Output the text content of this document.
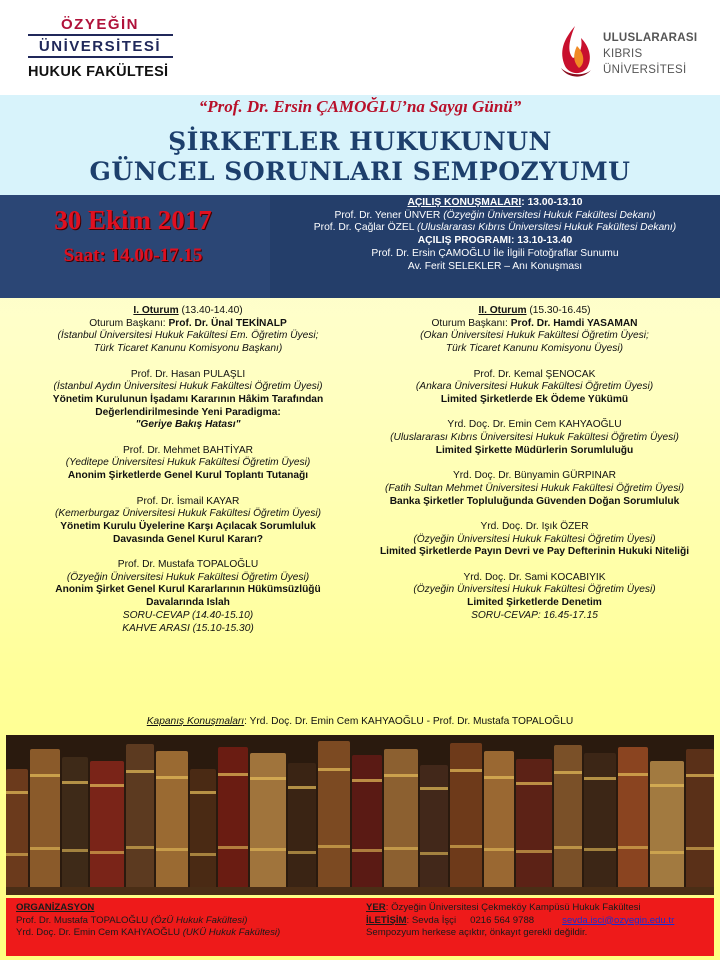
ÖZYEĞİN
ÜNİVERSİTESİ
HUKUK FAKÜLTESİ
ULUSLARARASI
KIBRIS
ÜNİVERSİTESİ
“Prof. Dr. Ersin ÇAMOĞLU’na Saygı Günü”
ŞİRKETLER HUKUKUNUN
GÜNCEL SORUNLARI SEMPOZYUMU
30 Ekim 2017
Saat: 14.00-17.15
AÇILIŞ KONUŞMALARI: 13.00-13.10
Prof. Dr. Yener ÜNVER (Özyeğin Üniversitesi Hukuk Fakültesi Dekanı)
Prof. Dr. Çağlar ÖZEL (Uluslararası Kıbrıs Üniversitesi Hukuk Fakültesi Dekanı)
AÇILIŞ PROGRAMI: 13.10-13.40
Prof. Dr. Ersin ÇAMOĞLU İle İlgili Fotoğraflar Sunumu
Av. Ferit SELEKLER – Anı Konuşması
I. Oturum (13.40-14.40)
Oturum Başkanı: Prof. Dr. Ünal TEKİNALP
(İstanbul Üniversitesi Hukuk Fakültesi Em. Öğretim Üyesi;
Türk Ticaret Kanunu Komisyonu Başkanı)
Prof. Dr. Hasan PULAŞLI
(İstanbul Aydın Üniversitesi Hukuk Fakültesi Öğretim Üyesi)
Yönetim Kurulunun İşadamı Kararının Hâkim Tarafından
Değerlendirilmesinde Yeni Paradigma:
"Geriye Bakış Hatası"
Prof. Dr. Mehmet BAHTİYAR
(Yeditepe Üniversitesi Hukuk Fakültesi Öğretim Üyesi)
Anonim Şirketlerde Genel Kurul Toplantı Tutanağı
Prof. Dr. İsmail KAYAR
(Kemerburgaz Üniversitesi Hukuk Fakültesi Öğretim Üyesi)
Yönetim Kurulu Üyelerine Karşı Açılacak Sorumluluk
Davasında Genel Kurul Kararı?
Prof. Dr. Mustafa TOPALOĞLU
(Özyeğin Üniversitesi Hukuk Fakültesi Öğretim Üyesi)
Anonim Şirket Genel Kurul Kararlarının Hükümsüzlüğü
Davalarında Islah
SORU-CEVAP (14.40-15.10)
KAHVE ARASI (15.10-15.30)
II. Oturum (15.30-16.45)
Oturum Başkanı: Prof. Dr. Hamdi YASAMAN
(Okan Üniversitesi Hukuk Fakültesi Öğretim Üyesi;
Türk Ticaret Kanunu Komisyonu Üyesi)
Prof. Dr. Kemal ŞENOCAK
(Ankara Üniversitesi Hukuk Fakültesi Öğretim Üyesi)
Limited Şirketlerde Ek Ödeme Yükümü
Yrd. Doç. Dr. Emin Cem KAHYAOĞLU
(Uluslararası Kıbrıs Üniversitesi Hukuk Fakültesi Öğretim Üyesi)
Limited Şirkette Müdürlerin Sorumluluğu
Yrd. Doç. Dr. Bünyamin GÜRPINAR
(Fatih Sultan Mehmet Üniversitesi Hukuk Fakültesi Öğretim Üyesi)
Banka Şirketler Topluluğunda Güvenden Doğan Sorumluluk
Yrd. Doç. Dr. Işık ÖZER
(Özyeğin Üniversitesi Hukuk Fakültesi Öğretim Üyesi)
Limited Şirketlerde Payın Devri ve Pay Defterinin Hukuki Niteliği
Yrd. Doç. Dr. Sami KOCABIYIK
(Özyeğin Üniversitesi Hukuk Fakültesi Öğretim Üyesi)
Limited Şirketlerde Denetim
SORU-CEVAP: 16.45-17.15
Kapanış Konuşmaları: Yrd. Doç. Dr. Emin Cem KAHYAOĞLU - Prof. Dr. Mustafa TOPALOĞLU
ORGANİZASYON
Prof. Dr. Mustafa TOPALOĞLU (ÖzÜ Hukuk Fakültesi)
Yrd. Doç. Dr. Emin Cem KAHYAOĞLU (UKÜ Hukuk Fakültesi)
YER: Özyeğin Üniversitesi Çekmeköy Kampüsü Hukuk Fakültesi
İLETİŞİM: Sevda İşçi 0216 564 9788	sevda.isci@ozyegin.edu.tr
Sempozyum herkese açıktır, önkayıt gerekli değildir.
